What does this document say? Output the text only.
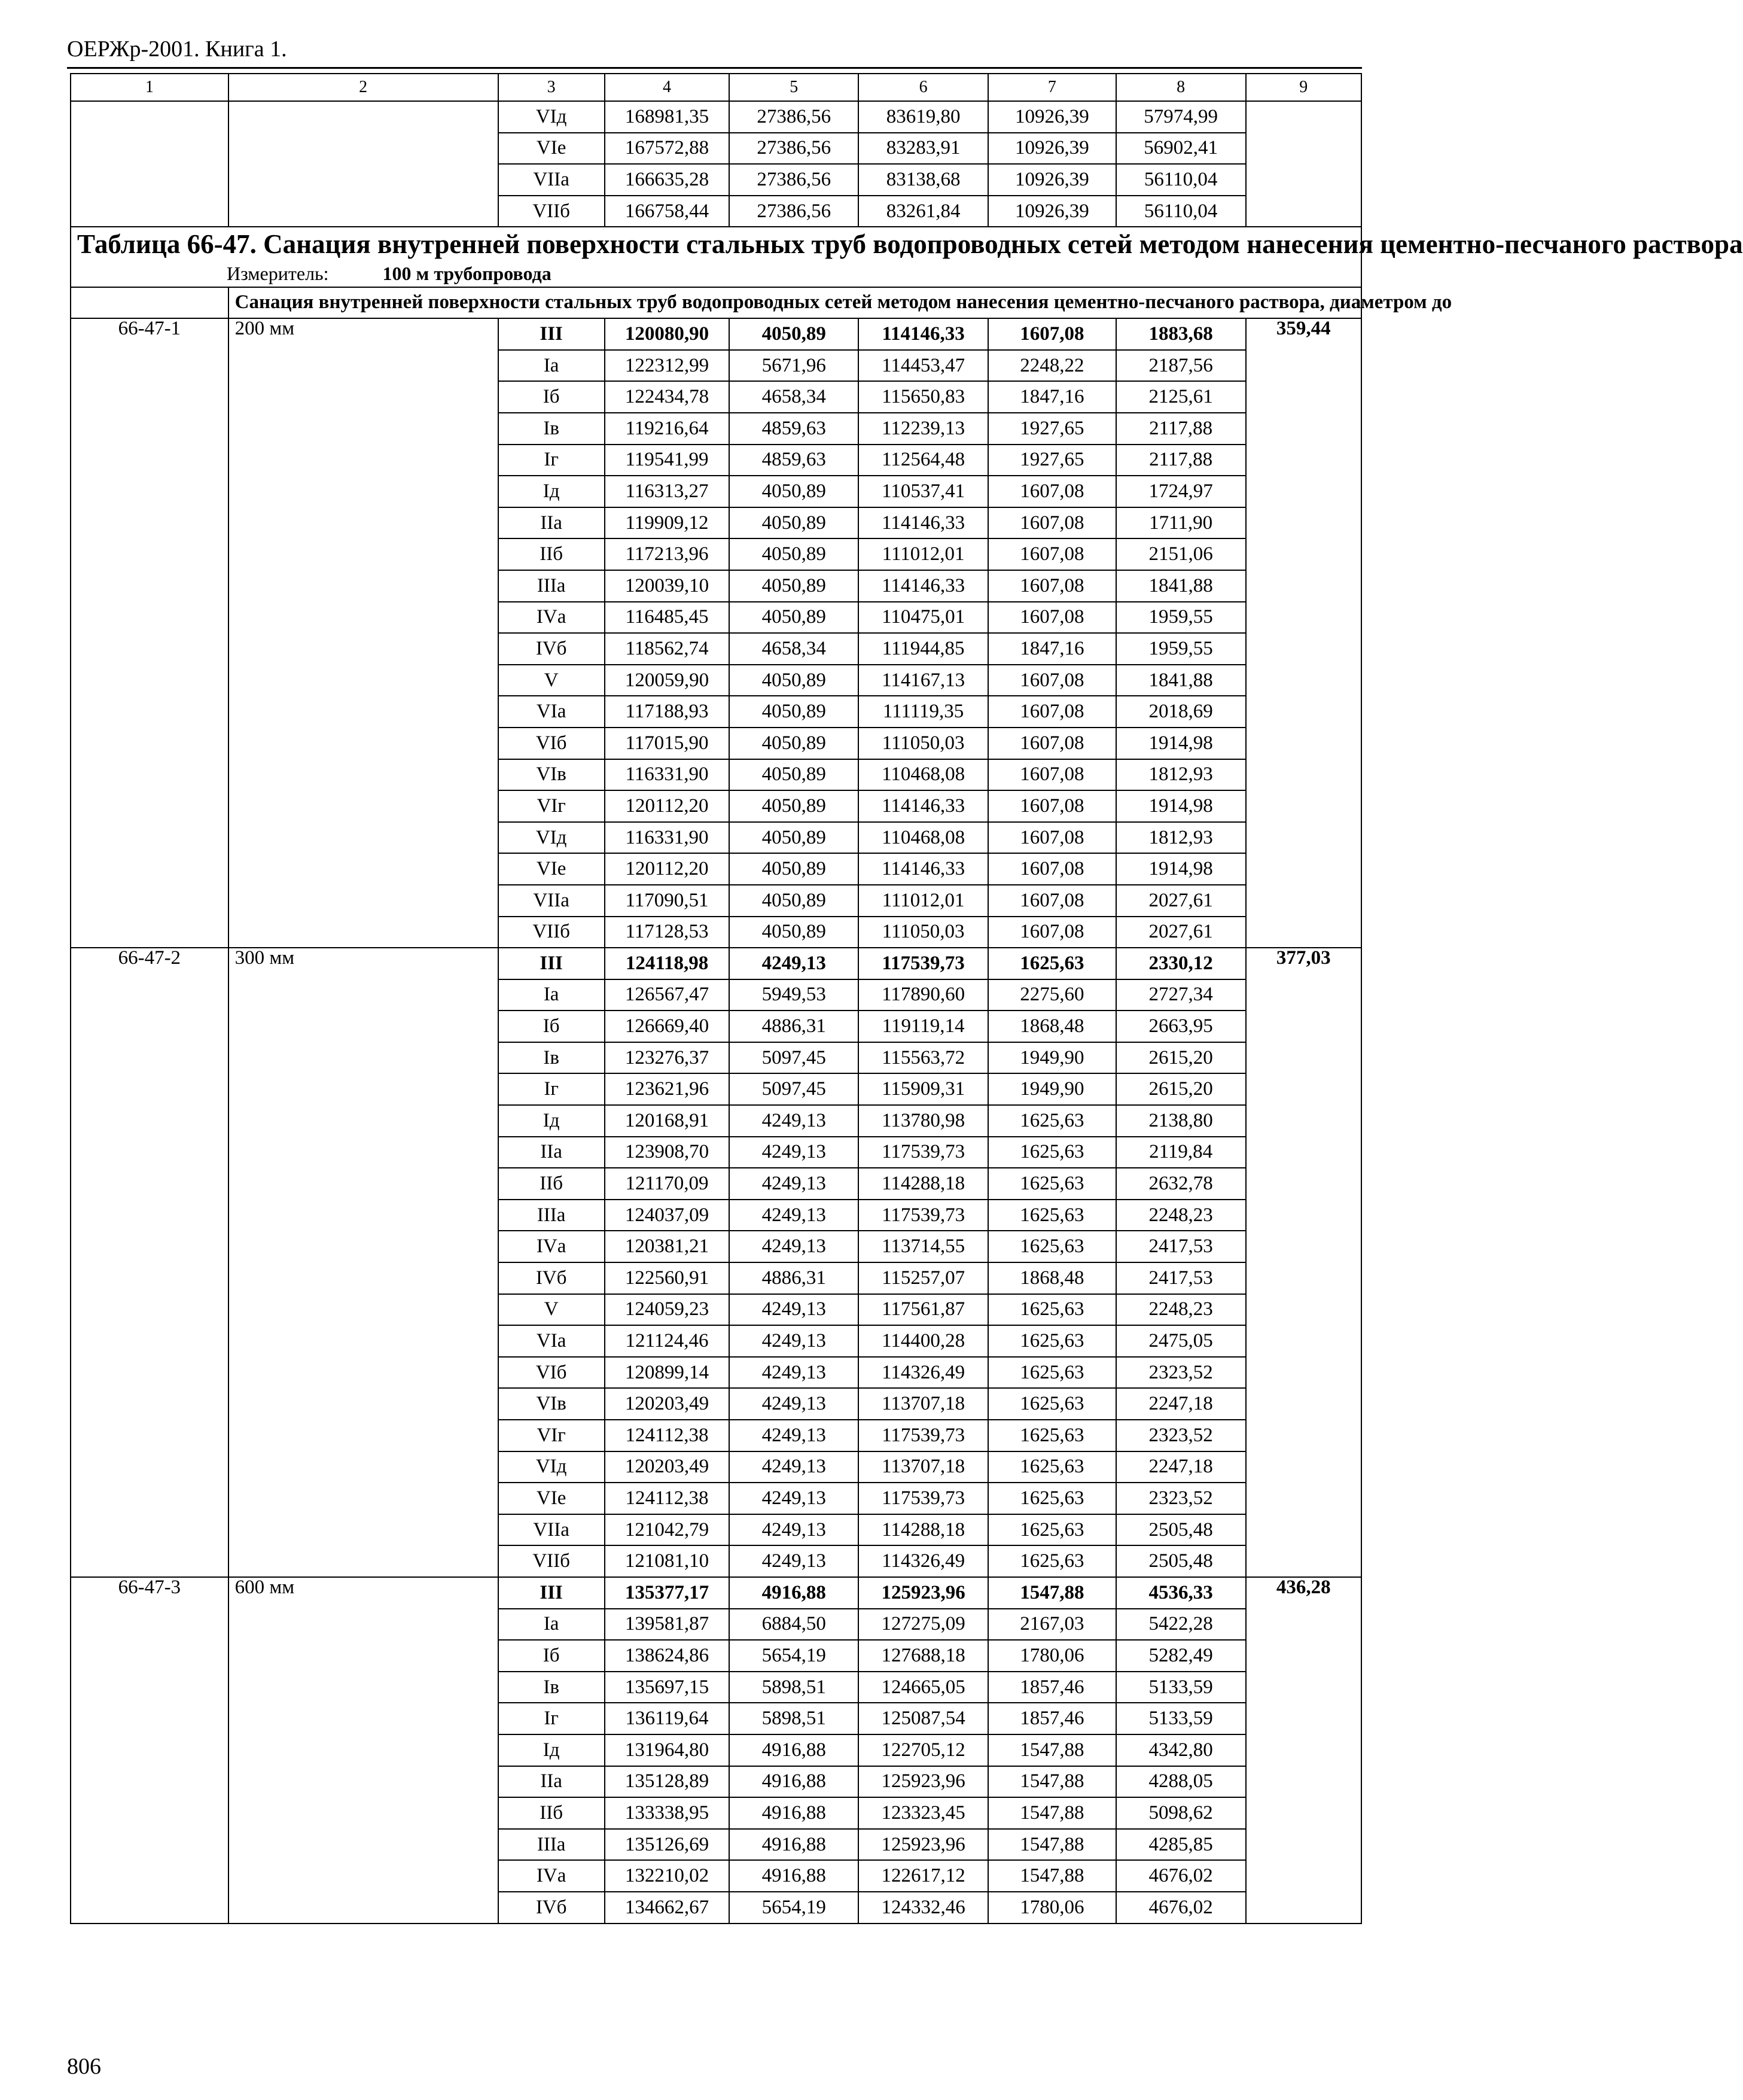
ОЕРЖр-2001. Книга 1.
1	2	3	4	5	6	7	8	9
		VIд	168981,35	27386,56	83619,80	10926,39	57974,99	
		VIе	167572,88	27386,56	83283,91	10926,39	56902,41	
		VIIа	166635,28	27386,56	83138,68	10926,39	56110,04	
		VIIб	166758,44	27386,56	83261,84	10926,39	56110,04	

Таблица 66-47. Санация внутренней поверхности стальных труб водопроводных сетей методом нанесения цементно-песчаного раствора
Измеритель: 100 м трубопровода								

	Санация внутренней поверхности стальных труб водопроводных сетей методом нанесения цементно-песчаного раствора, диаметром до							
66-47-1	200 мм	III	120080,90	4050,89	114146,33	1607,08	1883,68	359,44
		Iа	122312,99	5671,96	114453,47	2248,22	2187,56	
		Iб	122434,78	4658,34	115650,83	1847,16	2125,61	
		Iв	119216,64	4859,63	112239,13	1927,65	2117,88	
		Iг	119541,99	4859,63	112564,48	1927,65	2117,88	
		Iд	116313,27	4050,89	110537,41	1607,08	1724,97	
		IIа	119909,12	4050,89	114146,33	1607,08	1711,90	
		IIб	117213,96	4050,89	111012,01	1607,08	2151,06	
		IIIа	120039,10	4050,89	114146,33	1607,08	1841,88	
		IVа	116485,45	4050,89	110475,01	1607,08	1959,55	
		IVб	118562,74	4658,34	111944,85	1847,16	1959,55	
		V	120059,90	4050,89	114167,13	1607,08	1841,88	
		VIа	117188,93	4050,89	111119,35	1607,08	2018,69	
		VIб	117015,90	4050,89	111050,03	1607,08	1914,98	
		VIв	116331,90	4050,89	110468,08	1607,08	1812,93	
		VIг	120112,20	4050,89	114146,33	1607,08	1914,98	
		VIд	116331,90	4050,89	110468,08	1607,08	1812,93	
		VIе	120112,20	4050,89	114146,33	1607,08	1914,98	
		VIIа	117090,51	4050,89	111012,01	1607,08	2027,61	
		VIIб	117128,53	4050,89	111050,03	1607,08	2027,61	
66-47-2	300 мм	III	124118,98	4249,13	117539,73	1625,63	2330,12	377,03
		Iа	126567,47	5949,53	117890,60	2275,60	2727,34	
		Iб	126669,40	4886,31	119119,14	1868,48	2663,95	
		Iв	123276,37	5097,45	115563,72	1949,90	2615,20	
		Iг	123621,96	5097,45	115909,31	1949,90	2615,20	
		Iд	120168,91	4249,13	113780,98	1625,63	2138,80	
		IIа	123908,70	4249,13	117539,73	1625,63	2119,84	
		IIб	121170,09	4249,13	114288,18	1625,63	2632,78	
		IIIа	124037,09	4249,13	117539,73	1625,63	2248,23	
		IVа	120381,21	4249,13	113714,55	1625,63	2417,53	
		IVб	122560,91	4886,31	115257,07	1868,48	2417,53	
		V	124059,23	4249,13	117561,87	1625,63	2248,23	
		VIа	121124,46	4249,13	114400,28	1625,63	2475,05	
		VIб	120899,14	4249,13	114326,49	1625,63	2323,52	
		VIв	120203,49	4249,13	113707,18	1625,63	2247,18	
		VIг	124112,38	4249,13	117539,73	1625,63	2323,52	
		VIд	120203,49	4249,13	113707,18	1625,63	2247,18	
		VIе	124112,38	4249,13	117539,73	1625,63	2323,52	
		VIIа	121042,79	4249,13	114288,18	1625,63	2505,48	
		VIIб	121081,10	4249,13	114326,49	1625,63	2505,48	
66-47-3	600 мм	III	135377,17	4916,88	125923,96	1547,88	4536,33	436,28
		Iа	139581,87	6884,50	127275,09	2167,03	5422,28	
		Iб	138624,86	5654,19	127688,18	1780,06	5282,49	
		Iв	135697,15	5898,51	124665,05	1857,46	5133,59	
		Iг	136119,64	5898,51	125087,54	1857,46	5133,59	
		Iд	131964,80	4916,88	122705,12	1547,88	4342,80	
		IIа	135128,89	4916,88	125923,96	1547,88	4288,05	
		IIб	133338,95	4916,88	123323,45	1547,88	5098,62	
		IIIа	135126,69	4916,88	125923,96	1547,88	4285,85	
		IVа	132210,02	4916,88	122617,12	1547,88	4676,02	
		IVб	134662,67	5654,19	124332,46	1780,06	4676,02	
806
